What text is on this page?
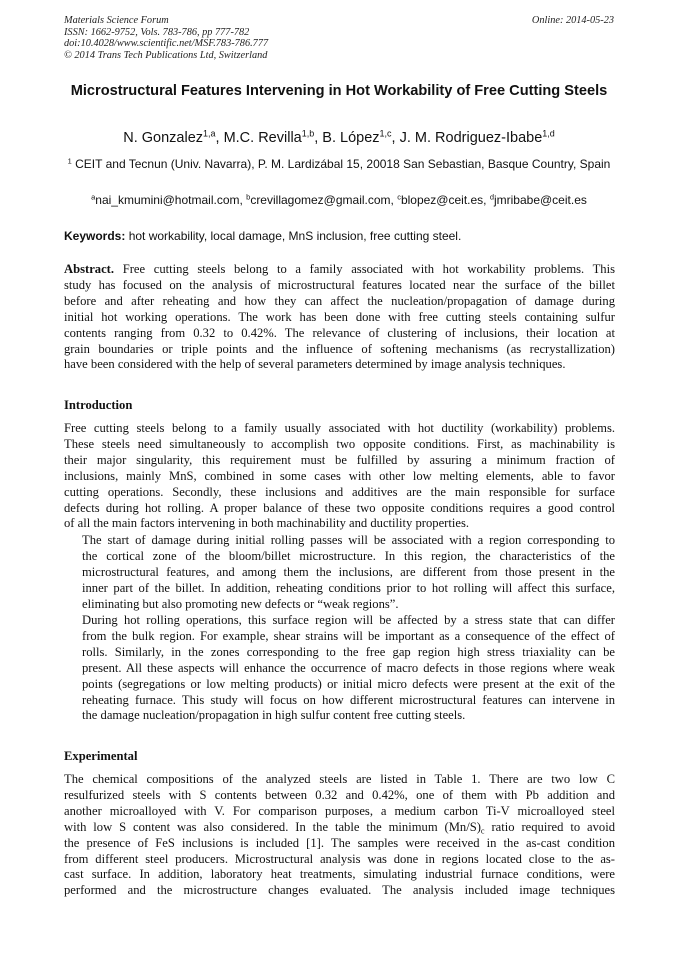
Materials Science Forum
ISSN: 1662-9752, Vols. 783-786, pp 777-782
doi:10.4028/www.scientific.net/MSF.783-786.777
© 2014 Trans Tech Publications Ltd, Switzerland
Online: 2014-05-23
Microstructural Features Intervening in Hot Workability of Free Cutting Steels
N. Gonzalez$^{1,a}$, M.C. Revilla$^{1,b}$, B. López$^{1,c}$, J. M. Rodriguez-Ibabe$^{1,d}$
$^1$ CEIT and Tecnun (Univ. Navarra), P. M. Lardizábal 15, 20018 San Sebastian, Basque Country, Spain
$^a$nai_kmumini@hotmail.com, $^b$crevillagomez@gmail.com, $^c$blopez@ceit.es, $^d$jmribabe@ceit.es
Keywords: hot workability, local damage, MnS inclusion, free cutting steel.
Abstract. Free cutting steels belong to a family associated with hot workability problems. This
study has focused on the analysis of microstructural features located near the surface of the billet
before and after reheating and how they can affect the nucleation/propagation of damage during
initial hot working operations. The work has been done with free cutting steels containing sulfur
contents ranging from 0.32 to 0.42%. The relevance of clustering of inclusions, their location at
grain boundaries or triple points and the influence of softening mechanisms (as recrystallization)
have been considered with the help of several parameters determined by image analysis techniques.
Introduction
Free cutting steels belong to a family usually associated with hot ductility (workability) problems.
These steels need simultaneously to accomplish two opposite conditions. First, as machinability is
their major singularity, this requirement must be fulfilled by assuring a minimum fraction of
inclusions, mainly MnS, combined in some cases with other low melting elements, able to favor
cutting operations. Secondly, these inclusions and additives are the main responsible for surface
defects during hot rolling. A proper balance of these two opposite conditions requires a good control
of all the main factors intervening in both machinability and ductility properties.
The start of damage during initial rolling passes will be associated with a region corresponding to
the cortical zone of the bloom/billet microstructure. In this region, the characteristics of the
microstructural features, and among them the inclusions, are different from those present in the
inner part of the billet. In addition, reheating conditions prior to hot rolling will affect this surface,
eliminating but also promoting new defects or “weak regions”.
During hot rolling operations, this surface region will be affected by a stress state that can differ
from the bulk region. For example, shear strains will be important as a consequence of the effect of
rolls. Similarly, in the zones corresponding to the free gap region high stress triaxiality can be
present. All these aspects will enhance the occurrence of macro defects in those regions where weak
points (segregations or low melting products) or initial micro defects were present at the exit of the
reheating furnace. This study will focus on how different microstructural features can intervene in
the damage nucleation/propagation in high sulfur content free cutting steels.
Experimental
The chemical compositions of the analyzed steels are listed in Table 1. There are two low C
resulfurized steels with S contents between 0.32 and 0.42%, one of them with Pb addition and
another microalloyed with V. For comparison purposes, a medium carbon Ti-V microalloyed steel
with low S content was also considered. In the table the minimum $(Mn/S)_c$ ratio required to avoid
the presence of FeS inclusions is included [1]. The samples were received in the as-cast condition
from different steel producers. Microstructural analysis was done in regions located close to the as-
cast surface. In addition, laboratory heat treatments, simulating industrial furnace conditions, were
performed and the microstructure changes evaluated. The analysis included image techniques
